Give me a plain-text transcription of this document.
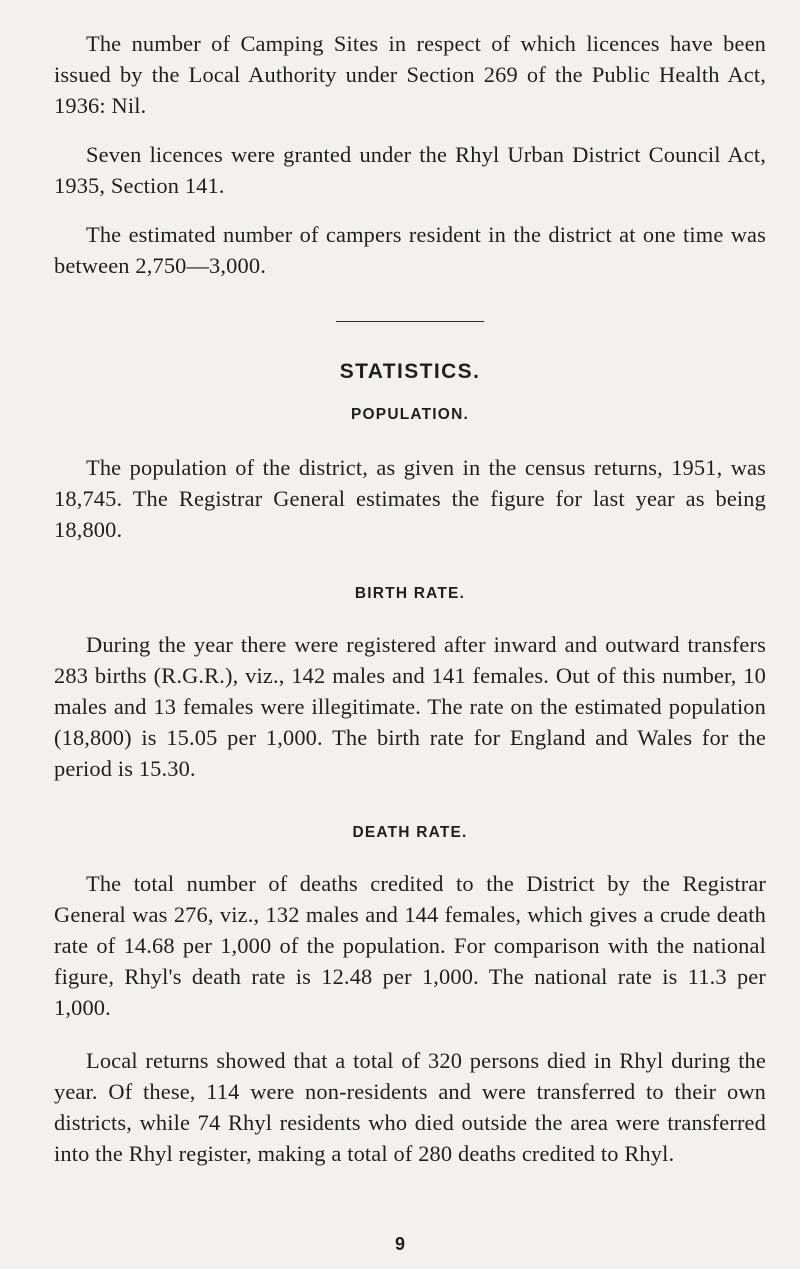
The number of Camping Sites in respect of which licences have been issued by the Local Authority under Section 269 of the Public Health Act, 1936: Nil.

Seven licences were granted under the Rhyl Urban District Council Act, 1935, Section 141.

The estimated number of campers resident in the district at one time was between 2,750—3,000.

STATISTICS.
POPULATION.

The population of the district, as given in the census returns, 1951, was 18,745. The Registrar General estimates the figure for last year as being 18,800.

BIRTH RATE.

During the year there were registered after inward and outward transfers 283 births (R.G.R.), viz., 142 males and 141 females. Out of this number, 10 males and 13 females were illegitimate. The rate on the estimated population (18,800) is 15.05 per 1,000. The birth rate for England and Wales for the period is 15.30.

DEATH RATE.

The total number of deaths credited to the District by the Registrar General was 276, viz., 132 males and 144 females, which gives a crude death rate of 14.68 per 1,000 of the population. For comparison with the national figure, Rhyl's death rate is 12.48 per 1,000. The national rate is 11.3 per 1,000.

Local returns showed that a total of 320 persons died in Rhyl during the year. Of these, 114 were non-residents and were transferred to their own districts, while 74 Rhyl residents who died outside the area were transferred into the Rhyl register, making a total of 280 deaths credited to Rhyl.

9
